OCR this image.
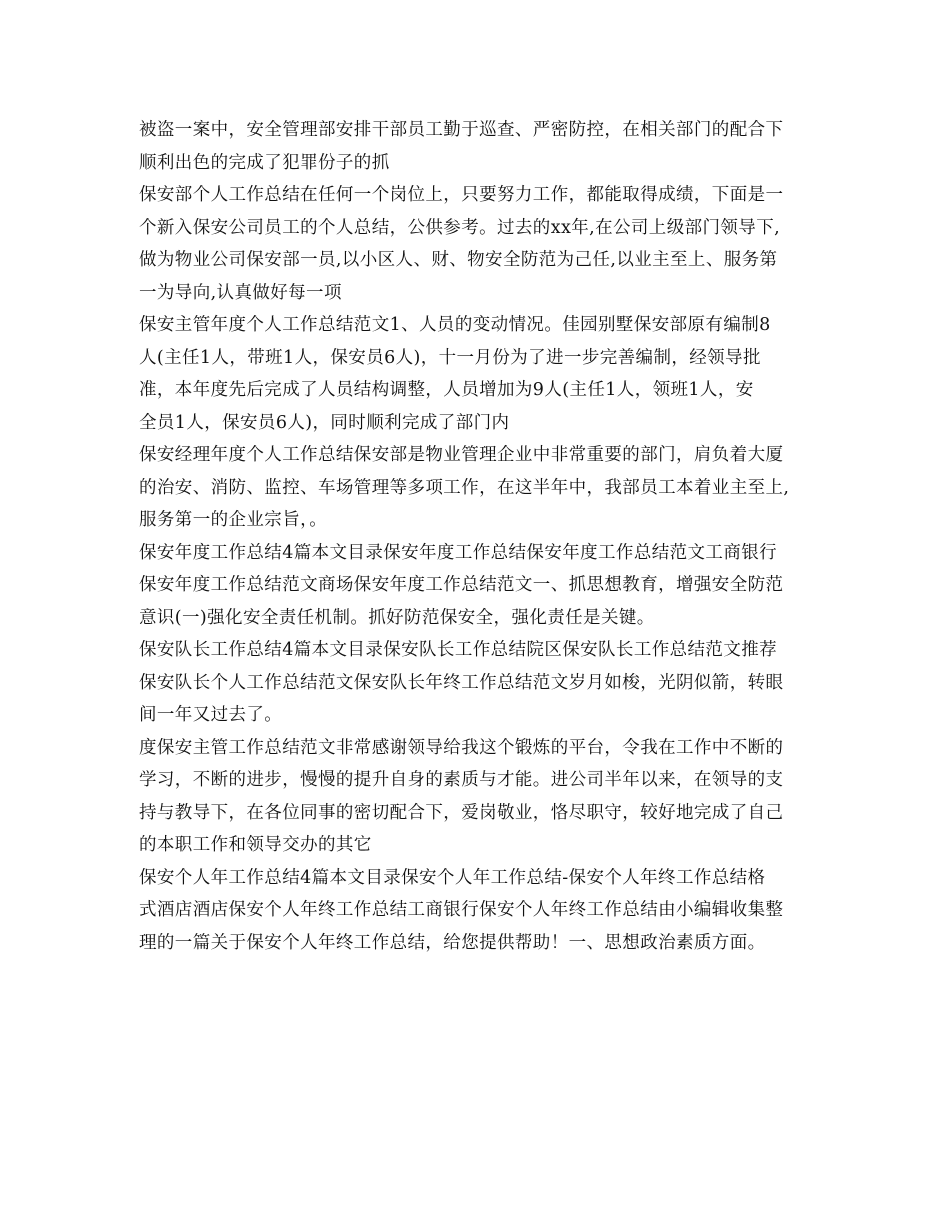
被盗一案中，安全管理部安排干部员工勤于巡查、严密防控，在相关部门的配合下
顺利出色的完成了犯罪份子的抓
保安部个人工作总结在任何一个岗位上，只要努力工作，都能取得成绩，下面是一
个新入保安公司员工的个人总结，公供参考。过去的xx年,在公司上级部门领导下,
做为物业公司保安部一员,以小区人、财、物安全防范为己任,以业主至上、服务第
一为导向,认真做好每一项
保安主管年度个人工作总结范文1、人员的变动情况。佳园别墅保安部原有编制8
人(主任1人，带班1人，保安员6人)，十一月份为了进一步完善编制，经领导批
准，本年度先后完成了人员结构调整，人员增加为9人(主任1人，领班1人，安
全员1人，保安员6人)，同时顺利完成了部门内
保安经理年度个人工作总结保安部是物业管理企业中非常重要的部门，肩负着大厦
的治安、消防、监控、车场管理等多项工作，在这半年中，我部员工本着业主至上,
服务第一的企业宗旨，。
保安年度工作总结4篇本文目录保安年度工作总结保安年度工作总结范文工商银行
保安年度工作总结范文商场保安年度工作总结范文一、抓思想教育，增强安全防范
意识(一)强化安全责任机制。抓好防范保安全，强化责任是关键。
保安队长工作总结4篇本文目录保安队长工作总结院区保安队长工作总结范文推荐
保安队长个人工作总结范文保安队长年终工作总结范文岁月如梭，光阴似箭，转眼
间一年又过去了。
度保安主管工作总结范文非常感谢领导给我这个锻炼的平台，令我在工作中不断的
学习，不断的进步，慢慢的提升自身的素质与才能。进公司半年以来，在领导的支
持与教导下，在各位同事的密切配合下，爱岗敬业，恪尽职守，较好地完成了自己
的本职工作和领导交办的其它
保安个人年工作总结4篇本文目录保安个人年工作总结-保安个人年终工作总结格
式酒店酒店保安个人年终工作总结工商银行保安个人年终工作总结由小编辑收集整
理的一篇关于保安个人年终工作总结，给您提供帮助！一、思想政治素质方面。
